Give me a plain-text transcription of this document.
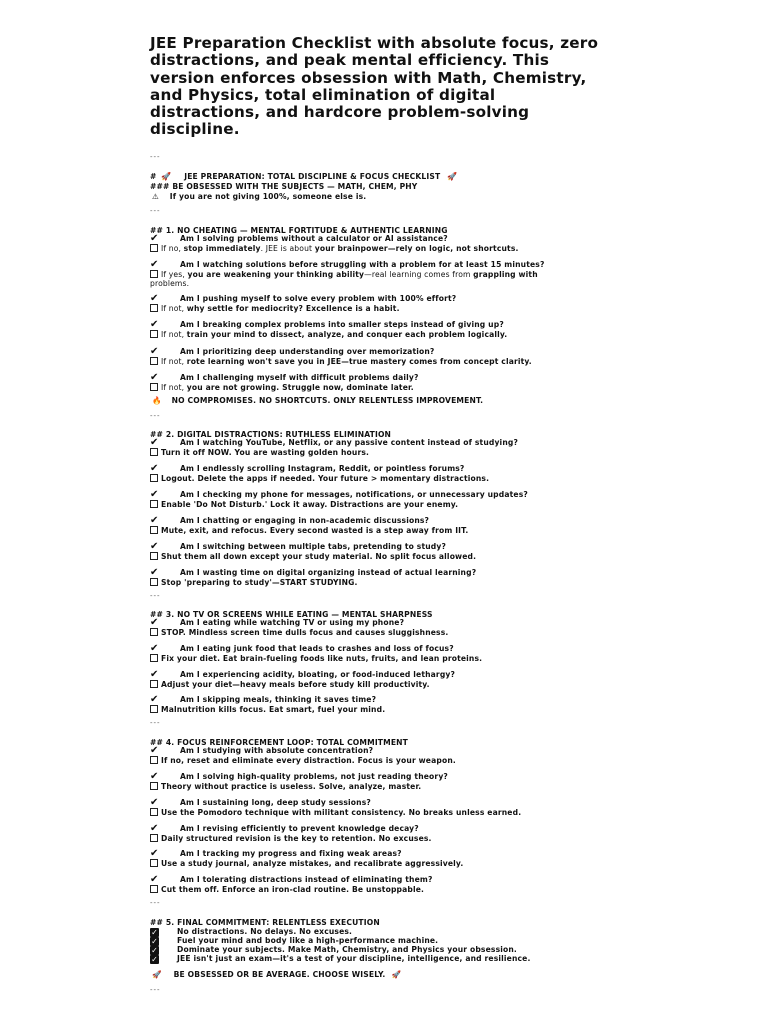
JEE Preparation Checklist with absolute focus, zero distractions, and peak mental efficiency. This version enforces obsession with Math, Chemistry, and Physics, total elimination of digital distractions, and hardcore problem-solving discipline.
---
# 🚀 JEE PREPARATION: TOTAL DISCIPLINE & FOCUS CHECKLIST 🚀
### BE OBSESSED WITH THE SUBJECTS — MATH, CHEM, PHY
⚠ If you are not giving 100%, someone else is.
---
## 1. NO CHEATING — MENTAL FORTITUDE & AUTHENTIC LEARNING
✔	Am I solving problems without a calculator or AI assistance?
If no, stop immediately. JEE is about your brainpower—rely on logic, not shortcuts.
✔	Am I watching solutions before struggling with a problem for at least 15 minutes?
If yes, you are weakening your thinking ability—real learning comes from grappling with
problems.
✔	Am I pushing myself to solve every problem with 100% effort?
If not, why settle for mediocrity? Excellence is a habit.
✔	Am I breaking complex problems into smaller steps instead of giving up?
If not, train your mind to dissect, analyze, and conquer each problem logically.
✔	Am I prioritizing deep understanding over memorization?
If not, rote learning won't save you in JEE—true mastery comes from concept clarity.
✔	Am I challenging myself with difficult problems daily?
If not, you are not growing. Struggle now, dominate later.
🔥 NO COMPROMISES. NO SHORTCUTS. ONLY RELENTLESS IMPROVEMENT.
---
## 2. DIGITAL DISTRACTIONS: RUTHLESS ELIMINATION
✔	Am I watching YouTube, Netflix, or any passive content instead of studying?
Turn it off NOW. You are wasting golden hours.
✔	Am I endlessly scrolling Instagram, Reddit, or pointless forums?
Logout. Delete the apps if needed. Your future > momentary distractions.
✔	Am I checking my phone for messages, notifications, or unnecessary updates?
Enable 'Do Not Disturb.' Lock it away. Distractions are your enemy.
✔	Am I chatting or engaging in non-academic discussions?
Mute, exit, and refocus. Every second wasted is a step away from IIT.
✔	Am I switching between multiple tabs, pretending to study?
Shut them all down except your study material. No split focus allowed.
✔	Am I wasting time on digital organizing instead of actual learning?
Stop 'preparing to study'—START STUDYING.
---
## 3. NO TV OR SCREENS WHILE EATING — MENTAL SHARPNESS
✔	Am I eating while watching TV or using my phone?
STOP. Mindless screen time dulls focus and causes sluggishness.
✔	Am I eating junk food that leads to crashes and loss of focus?
Fix your diet. Eat brain-fueling foods like nuts, fruits, and lean proteins.
✔	Am I experiencing acidity, bloating, or food-induced lethargy?
Adjust your diet—heavy meals before study kill productivity.
✔	Am I skipping meals, thinking it saves time?
Malnutrition kills focus. Eat smart, fuel your mind.
---
## 4. FOCUS REINFORCEMENT LOOP: TOTAL COMMITMENT
✔	Am I studying with absolute concentration?
If no, reset and eliminate every distraction. Focus is your weapon.
✔	Am I solving high-quality problems, not just reading theory?
Theory without practice is useless. Solve, analyze, master.
✔	Am I sustaining long, deep study sessions?
Use the Pomodoro technique with militant consistency. No breaks unless earned.
✔	Am I revising efficiently to prevent knowledge decay?
Daily structured revision is the key to retention. No excuses.
✔	Am I tracking my progress and fixing weak areas?
Use a study journal, analyze mistakes, and recalibrate aggressively.
✔	Am I tolerating distractions instead of eliminating them?
Cut them off. Enforce an iron-clad routine. Be unstoppable.
---
## 5. FINAL COMMITMENT: RELENTLESS EXECUTION
✓	No distractions. No delays. No excuses.
✓	Fuel your mind and body like a high-performance machine.
✓	Dominate your subjects. Make Math, Chemistry, and Physics your obsession.
✓	JEE isn't just an exam—it's a test of your discipline, intelligence, and resilience.
🚀 BE OBSESSED OR BE AVERAGE. CHOOSE WISELY. 🚀
---
